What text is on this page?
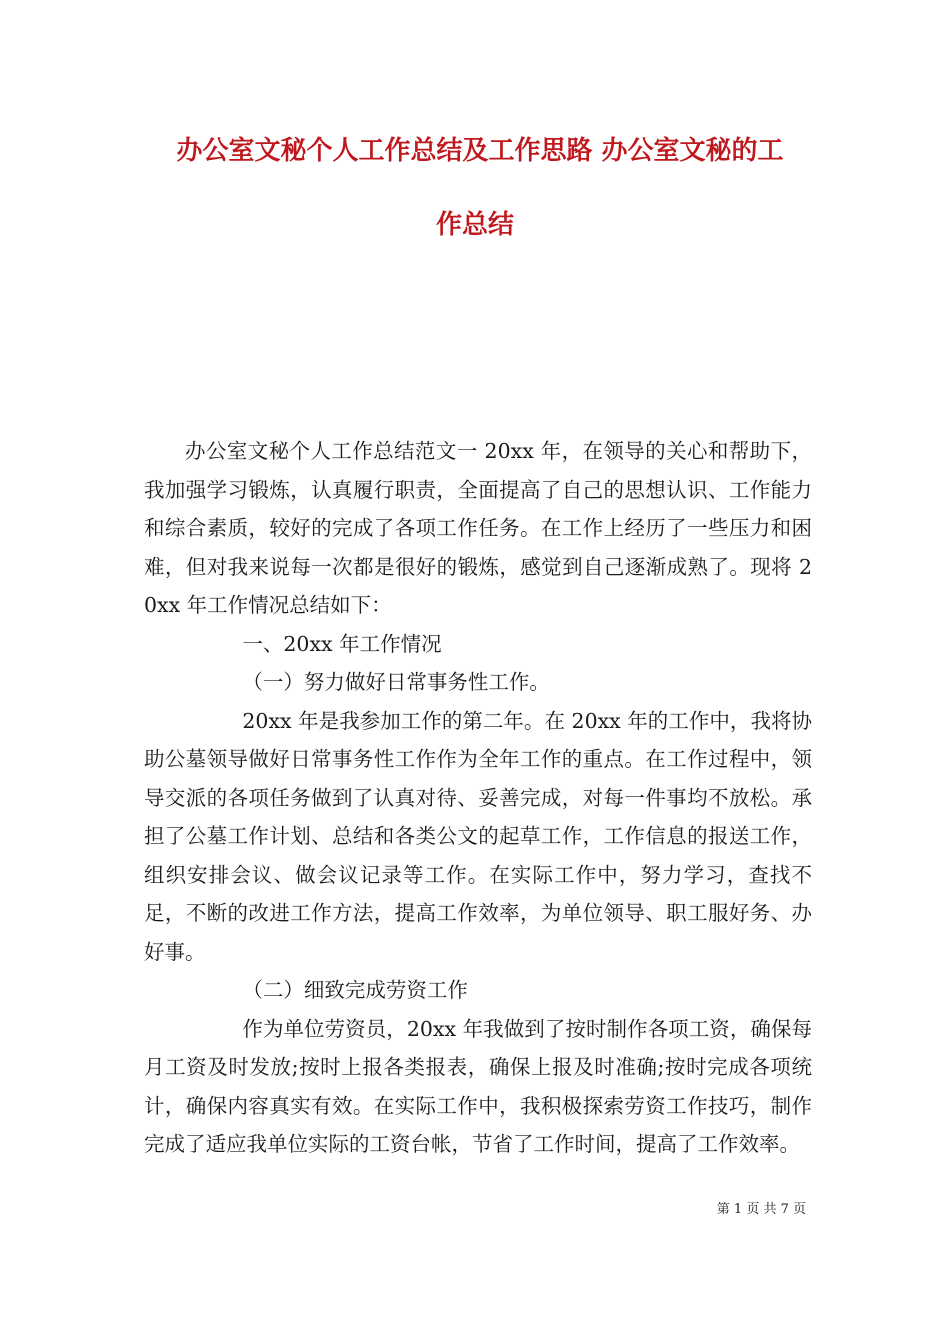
办公室文秘个人工作总结及工作思路 办公室文秘的工
作总结

办公室文秘个人工作总结范文一 20xx 年，在领导的关心和帮助下，我加强学习锻炼，认真履行职责，全面提高了自己的思想认识、工作能力和综合素质，较好的完成了各项工作任务。在工作上经历了一些压力和困难，但对我来说每一次都是很好的锻炼，感觉到自己逐渐成熟了。现将 20xx 年工作情况总结如下：

一、20xx 年工作情况

（一）努力做好日常事务性工作。

20xx 年是我参加工作的第二年。在 20xx 年的工作中，我将协助公墓领导做好日常事务性工作作为全年工作的重点。在工作过程中，领导交派的各项任务做到了认真对待、妥善完成，对每一件事均不放松。承担了公墓工作计划、总结和各类公文的起草工作，工作信息的报送工作，组织安排会议、做会议记录等工作。在实际工作中，努力学习，查找不足，不断的改进工作方法，提高工作效率，为单位领导、职工服好务、办好事。

（二）细致完成劳资工作

作为单位劳资员，20xx 年我做到了按时制作各项工资，确保每月工资及时发放;按时上报各类报表，确保上报及时准确;按时完成各项统计，确保内容真实有效。在实际工作中，我积极探索劳资工作技巧，制作完成了适应我单位实际的工资台帐，节省了工作时间，提高了工作效率。

第 1 页 共 7 页
